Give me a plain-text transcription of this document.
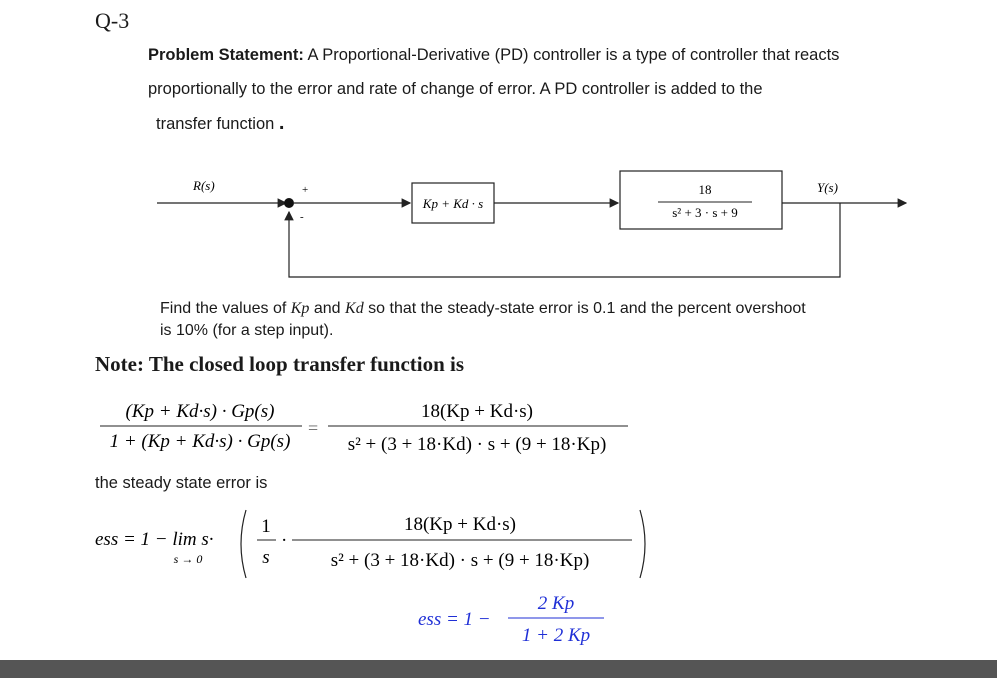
Q-3
Problem Statement: A Proportional-Derivative (PD) controller is a type of controller that reacts proportionally to the error and rate of change of error. A PD controller is added to the
transfer function .
R(s)	Y(s)
+
-
Kp + Kd · s
18
s² + 3 · s + 9
Find the values of Kp and Kd so that the steady-state error is 0.1 and the percent overshoot
is 10% (for a step input).
Note: The closed loop transfer function is
(Kp + Kd·s) · Gp(s)
1 + (Kp + Kd·s) · Gp(s)
=
18(Kp + Kd·s)
s² + (3 + 18·Kd) · s + (9 + 18·Kp)
the steady state error is
ess = 1 − lim s·
s → 0
1
s
·
18(Kp + Kd·s)
s² + (3 + 18·Kd) · s + (9 + 18·Kp)
ess = 1 −
2 Kp
1 + 2 Kp
